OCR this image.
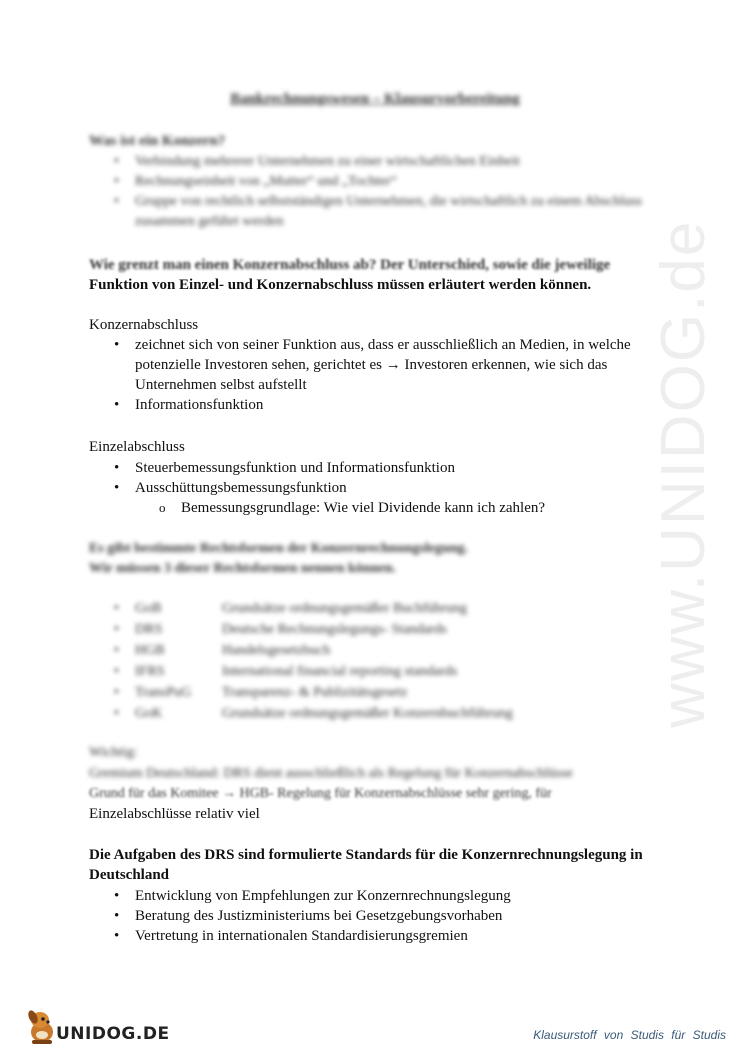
www.UNIDOG.de
Bankrechnungswesen – Klausurvorbereitung
Was ist ein Konzern?
• Verbindung mehrerer Unternehmen zu einer wirtschaftlichen Einheit
• Rechnungseinheit von „Mutter“ und „Tochter“
• Gruppe von rechtlich selbstständigen Unternehmen, die wirtschaftlich zu einem Abschluss zusammen geführt werden
Wie grenzt man einen Konzernabschluss ab? Der Unterschied, sowie die jeweilige
Funktion von Einzel- und Konzernabschluss müssen erläutert werden können.
Konzernabschluss
• zeichnet sich von seiner Funktion aus, dass er ausschließlich an Medien, in welche
potenzielle Investoren sehen, gerichtet es → Investoren erkennen, wie sich das
Unternehmen selbst aufstellt
• Informationsfunktion
Einzelabschluss
• Steuerbemessungsfunktion und Informationsfunktion
• Ausschüttungsbemessungsfunktion
o Bemessungsgrundlage: Wie viel Dividende kann ich zahlen?
Es gibt bestimmte Rechtsformen der Konzernrechnungslegung.
Wir müssen 3 dieser Rechtsformen nennen können.
• GoB	Grundsätze ordnungsgemäßer Buchführung
• DRS	Deutsche Rechnungslegungs- Standards
• HGB	Handelsgesetzbuch
• IFRS	International financial reporting standards
• TransPuG Transparenz- & Publizitätsgesetz
• GoK	Grundsätze ordnungsgemäßer Konzernbuchführung
Wichtig:
Gremium Deutschland: DRS dient ausschließlich als Regelung für Konzernabschlüsse
Grund für das Komitee → HGB- Regelung für Konzernabschlüsse sehr gering, für
Einzelabschlüsse relativ viel
Die Aufgaben des DRS sind formulierte Standards für die Konzernrechnungslegung in
Deutschland
• Entwicklung von Empfehlungen zur Konzernrechnungslegung
• Beratung des Justizministeriums bei Gesetzgebungsvorhaben
• Vertretung in internationalen Standardisierungsgremien
UNIDOG.DE	Klausurstoff von Studis für Studis
